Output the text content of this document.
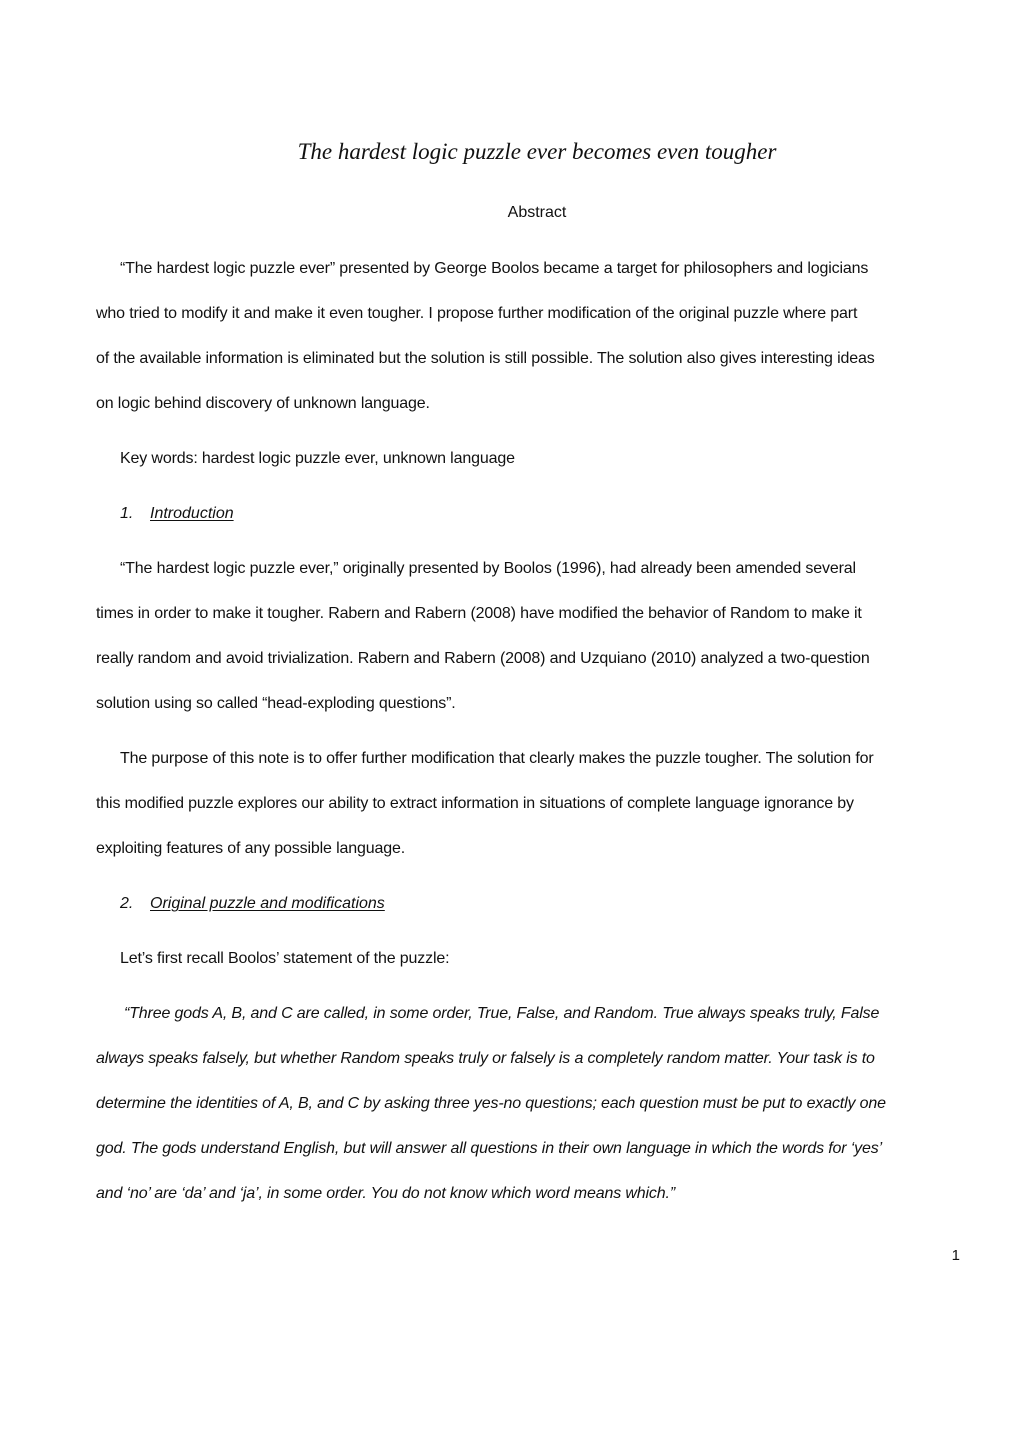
The hardest logic puzzle ever becomes even tougher
Abstract
“The hardest logic puzzle ever” presented by George Boolos became a target for philosophers and logicians
who tried to modify it and make it even tougher. I propose further modification of the original puzzle where part
of the available information is eliminated but the solution is still possible. The solution also gives interesting ideas
on logic behind discovery of unknown language.
Key words: hardest logic puzzle ever, unknown language
1. Introduction
“The hardest logic puzzle ever,” originally presented by Boolos (1996), had already been amended several
times in order to make it tougher. Rabern and Rabern (2008) have modified the behavior of Random to make it
really random and avoid trivialization. Rabern and Rabern (2008) and Uzquiano (2010) analyzed a two-question
solution using so called “head-exploding questions”.
The purpose of this note is to offer further modification that clearly makes the puzzle tougher. The solution for
this modified puzzle explores our ability to extract information in situations of complete language ignorance by
exploiting features of any possible language.
2. Original puzzle and modifications
Let’s first recall Boolos’ statement of the puzzle:
“Three gods A, B, and C are called, in some order, True, False, and Random. True always speaks truly, False
always speaks falsely, but whether Random speaks truly or falsely is a completely random matter. Your task is to
determine the identities of A, B, and C by asking three yes-no questions; each question must be put to exactly one
god. The gods understand English, but will answer all questions in their own language in which the words for ‘yes’
and ‘no’ are ‘da’ and ‘ja’, in some order. You do not know which word means which.”
1
